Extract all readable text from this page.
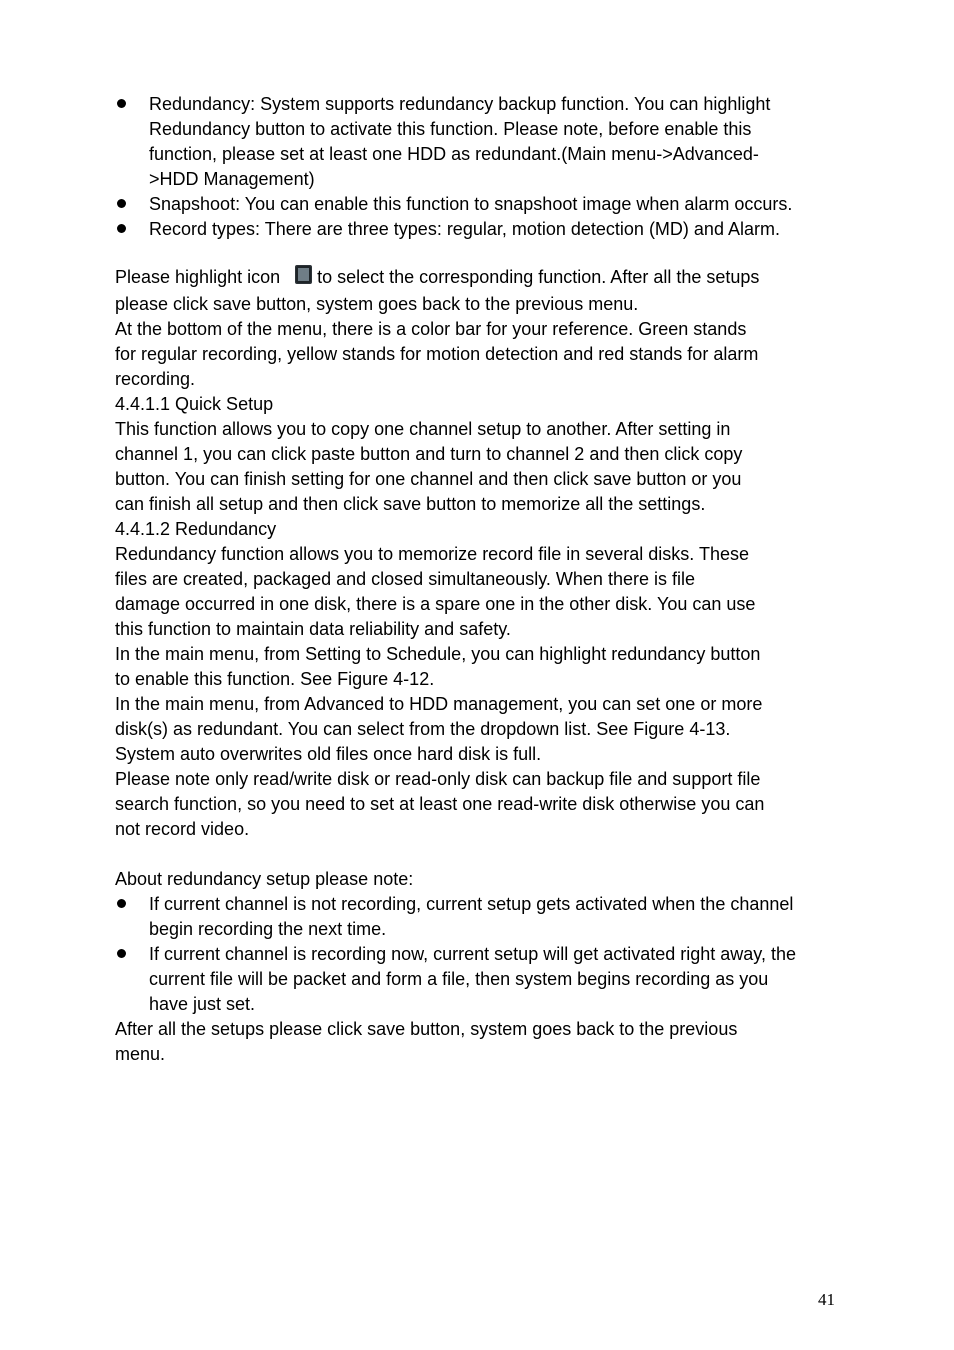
Redundancy: System supports redundancy backup function. You can highlight
Redundancy button to activate this function. Please note, before enable this
function, please set at least one HDD as redundant.(Main menu->Advanced-
>HDD Management)
Snapshoot: You can enable this function to snapshoot image when alarm occurs.
Record types: There are three types: regular, motion detection (MD) and Alarm.
Please highlight icon  to select the corresponding function. After all the setups
please click save button, system goes back to the previous menu.
At the bottom of the menu, there is a color bar for your reference. Green stands
for regular recording, yellow stands for motion detection and red stands for alarm
recording.
4.4.1.1 Quick Setup
This function allows you to copy one channel setup to another. After setting in
channel 1, you can click paste button and turn to channel 2 and then click copy
button. You can finish setting for one channel and then click save button or you
can finish all setup and then click save button to memorize all the settings.
4.4.1.2 Redundancy
Redundancy function allows you to memorize record file in several disks. These
files are created, packaged and closed simultaneously. When there is file
damage occurred in one disk, there is a spare one in the other disk. You can use
this function to maintain data reliability and safety.
In the main menu, from Setting to Schedule, you can highlight redundancy button
to enable this function. See Figure 4-12.
In the main menu, from Advanced to HDD management, you can set one or more
disk(s) as redundant. You can select from the dropdown list. See Figure 4-13.
System auto overwrites old files once hard disk is full.
Please note only read/write disk or read-only disk can backup file and support file
search function, so you need to set at least one read-write disk otherwise you can
not record video.
About redundancy setup please note:
If current channel is not recording, current setup gets activated when the channel
begin recording the next time.
If current channel is recording now, current setup will get activated right away, the
current file will be packet and form a file, then system begins recording as you
have just set.
After all the setups please click save button, system goes back to the previous
menu.
41
